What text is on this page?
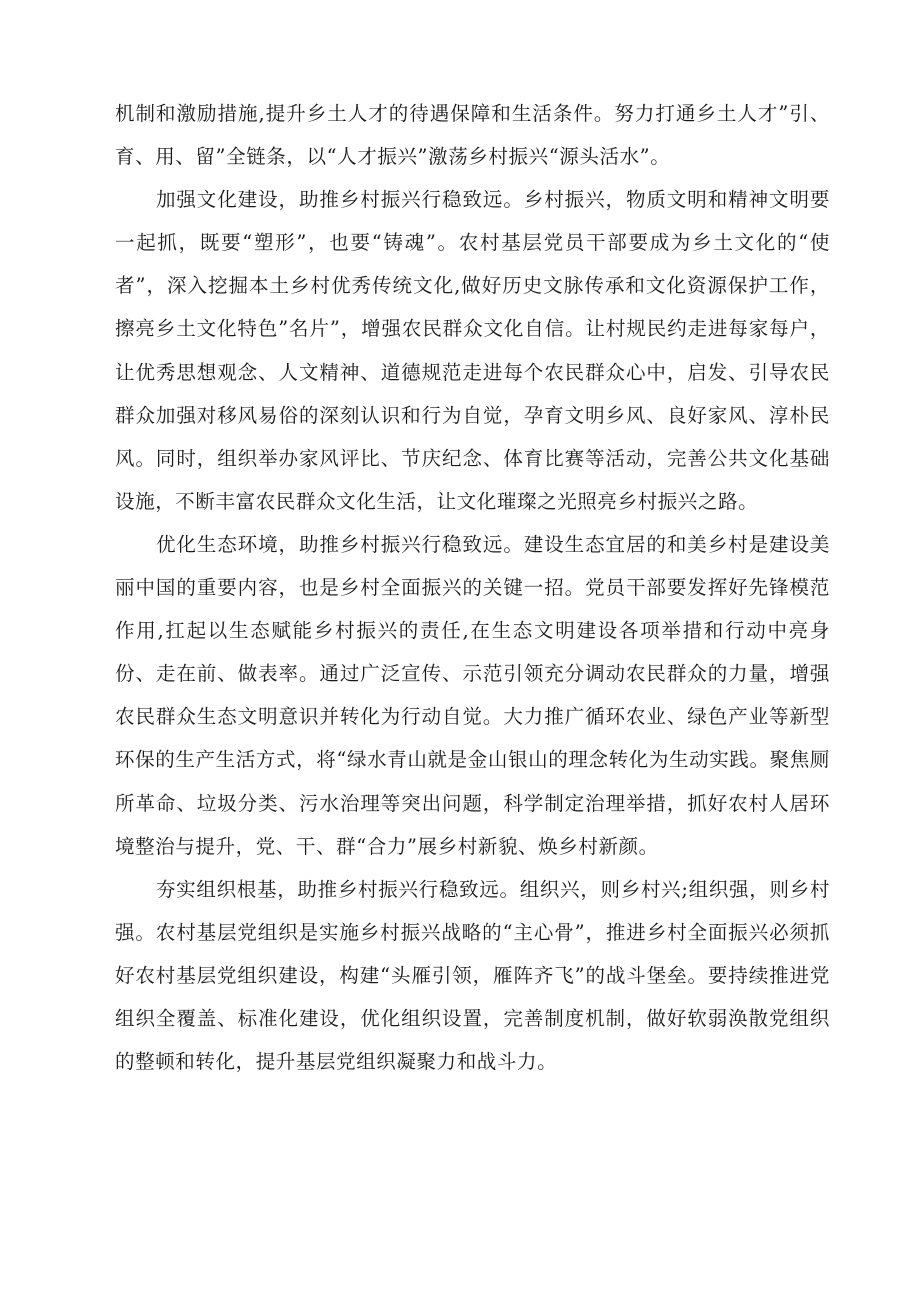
机制和激励措施,提升乡土人才的待遇保障和生活条件。努力打通乡土人才”引、育、用、留”全链条，以“人才振兴”激荡乡村振兴“源头活水”。

加强文化建设，助推乡村振兴行稳致远。乡村振兴，物质文明和精神文明要一起抓，既要“塑形”，也要“铸魂”。农村基层党员干部要成为乡土文化的“使者”，深入挖掘本土乡村优秀传统文化,做好历史文脉传承和文化资源保护工作，擦亮乡土文化特色”名片”，增强农民群众文化自信。让村规民约走进每家每户，让优秀思想观念、人文精神、道德规范走进每个农民群众心中，启发、引导农民群众加强对移风易俗的深刻认识和行为自觉，孕育文明乡风、良好家风、淳朴民风。同时，组织举办家风评比、节庆纪念、体育比赛等活动，完善公共文化基础设施，不断丰富农民群众文化生活，让文化璀璨之光照亮乡村振兴之路。

优化生态环境，助推乡村振兴行稳致远。建设生态宜居的和美乡村是建设美丽中国的重要内容，也是乡村全面振兴的关键一招。党员干部要发挥好先锋模范作用,扛起以生态赋能乡村振兴的责任,在生态文明建设各项举措和行动中亮身份、走在前、做表率。通过广泛宣传、示范引领充分调动农民群众的力量，增强农民群众生态文明意识并转化为行动自觉。大力推广循环农业、绿色产业等新型环保的生产生活方式，将“绿水青山就是金山银山的理念转化为生动实践。聚焦厕所革命、垃圾分类、污水治理等突出问题，科学制定治理举措，抓好农村人居环境整治与提升，党、干、群“合力”展乡村新貌、焕乡村新颜。

夯实组织根基，助推乡村振兴行稳致远。组织兴，则乡村兴;组织强，则乡村强。农村基层党组织是实施乡村振兴战略的“主心骨”，推进乡村全面振兴必须抓好农村基层党组织建设，构建“头雁引领，雁阵齐飞”的战斗堡垒。要持续推进党组织全覆盖、标准化建设，优化组织设置，完善制度机制，做好软弱涣散党组织的整顿和转化，提升基层党组织凝聚力和战斗力。
